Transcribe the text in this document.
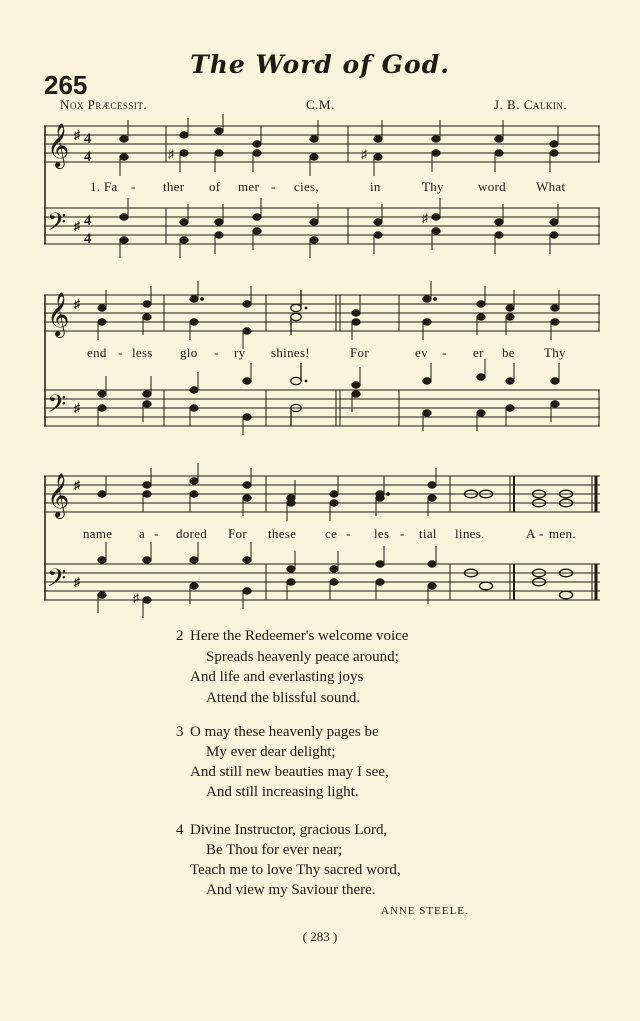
The Word of God.
265
Nox Præcessit.	C.M.	J. B. Calkin.
𝄞
𝄢
♯
♯
4
4
4
4
♯	♯
♯
1. Fa - ther of mer - cies,	in	Thy	word What
𝄞
𝄢
♯
♯
end - less glo - ry shines!	For	ev - er be Thy
𝄞
𝄢
♯
♯
♯
name a - dored For these ce - les - tial lines.	A - men.
2 Here the Redeemer's welcome voice
Spreads heavenly peace around;
And life and everlasting joys
Attend the blissful sound.
3 O may these heavenly pages be
My ever dear delight;
And still new beauties may I see,
And still increasing light.
4 Divine Instructor, gracious Lord,
Be Thou for ever near;
Teach me to love Thy sacred word,
And view my Saviour there.
ANNE STEELE.
( 283 )
